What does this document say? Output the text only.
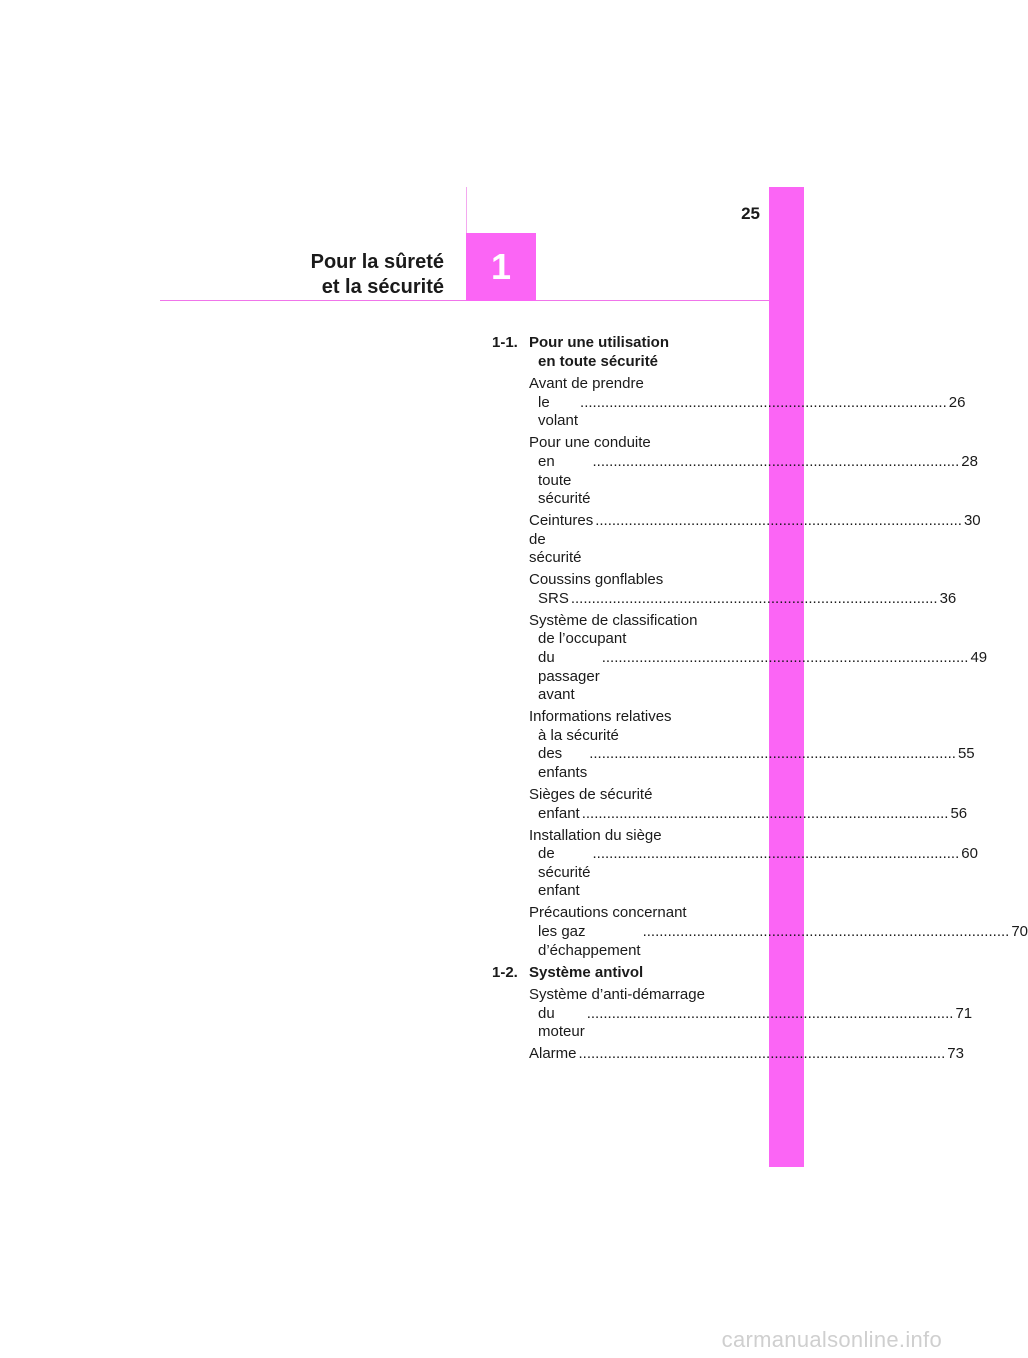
25
Pour la sûreté
et la sécurité 1
1-1. Pour une utilisation
en toute sécurité
Avant de prendre
le volant
........................................................................................ 26
Pour une conduite
en toute sécurité
........................................................................................ 28
Ceintures de sécurité
........................................................................................ 30
Coussins gonflables
SRS ........................................................................................ 36
Système de classification
de l’occupant
du passager avant
........................................................................................ 49
Informations relatives
à la sécurité
des enfants
........................................................................................ 55
Sièges de sécurité
enfant ........................................................................................ 56
Installation du siège
de sécurité enfant
........................................................................................ 60
Précautions concernant
les gaz d’échappement
........................................................................................ 70
1-2. Système antivol
Système d’anti-démarrage
du moteur
........................................................................................ 71
Alarme ........................................................................................ 73
carmanualsonline.info
